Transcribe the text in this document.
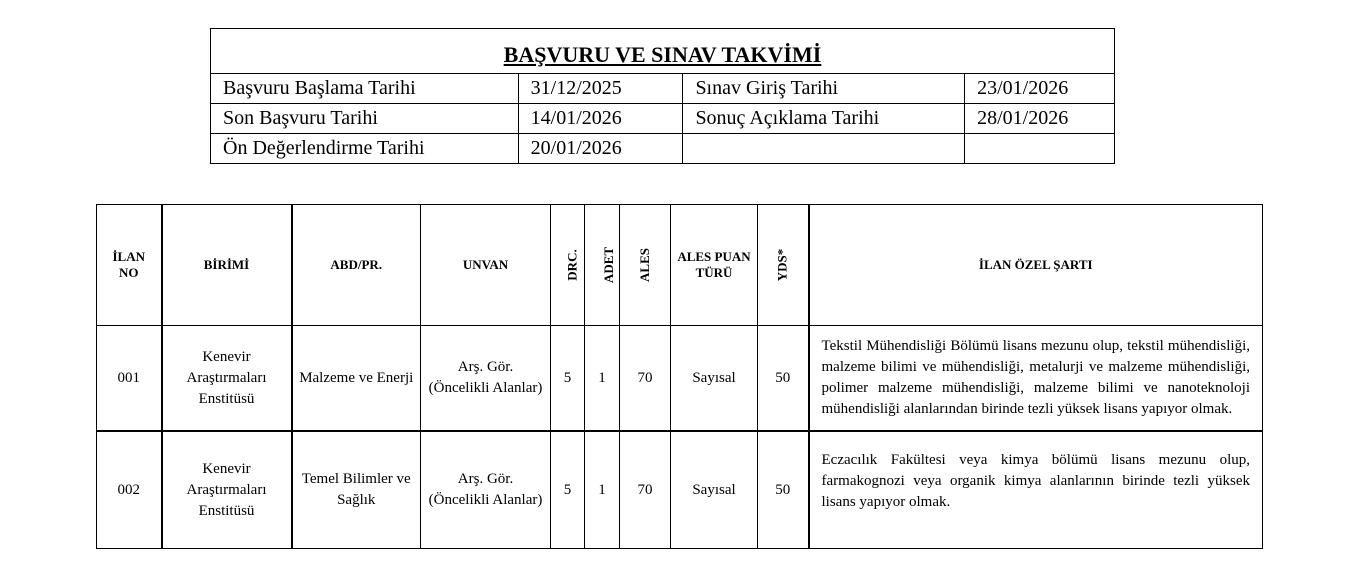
BAŞVURU VE SINAV TAKVİMİ			
Başvuru Başlama Tarihi	31/12/2025	Sınav Giriş Tarihi	23/01/2026
Son Başvuru Tarihi	14/01/2026	Sonuç Açıklama Tarihi	28/01/2026
Ön Değerlendirme Tarihi	20/01/2026		
İLAN NO	BİRİMİ	ABD/PR.	UNVAN	DRC.	ADET	ALES	ALES PUAN TÜRÜ	YDS*	İLAN ÖZEL ŞARTI
001	Kenevir Araştırmaları Enstitüsü	Malzeme ve Enerji	Arş. Gör. (Öncelikli Alanlar)	5	1	70	Sayısal	50	Tekstil Mühendisliği Bölümü lisans mezunu olup, tekstil mühendisliği, malzeme bilimi ve mühendisliği, metalurji ve malzeme mühendisliği, polimer malzeme mühendisliği, malzeme bilimi ve nanoteknoloji mühendisliği alanlarından birinde tezli yüksek lisans yapıyor olmak.
002	Kenevir Araştırmaları Enstitüsü	Temel Bilimler ve Sağlık	Arş. Gör. (Öncelikli Alanlar)	5	1	70	Sayısal	50	Eczacılık Fakültesi veya kimya bölümü lisans mezunu olup, farmakognozi veya organik kimya alanlarının birinde tezli yüksek lisans yapıyor olmak.
